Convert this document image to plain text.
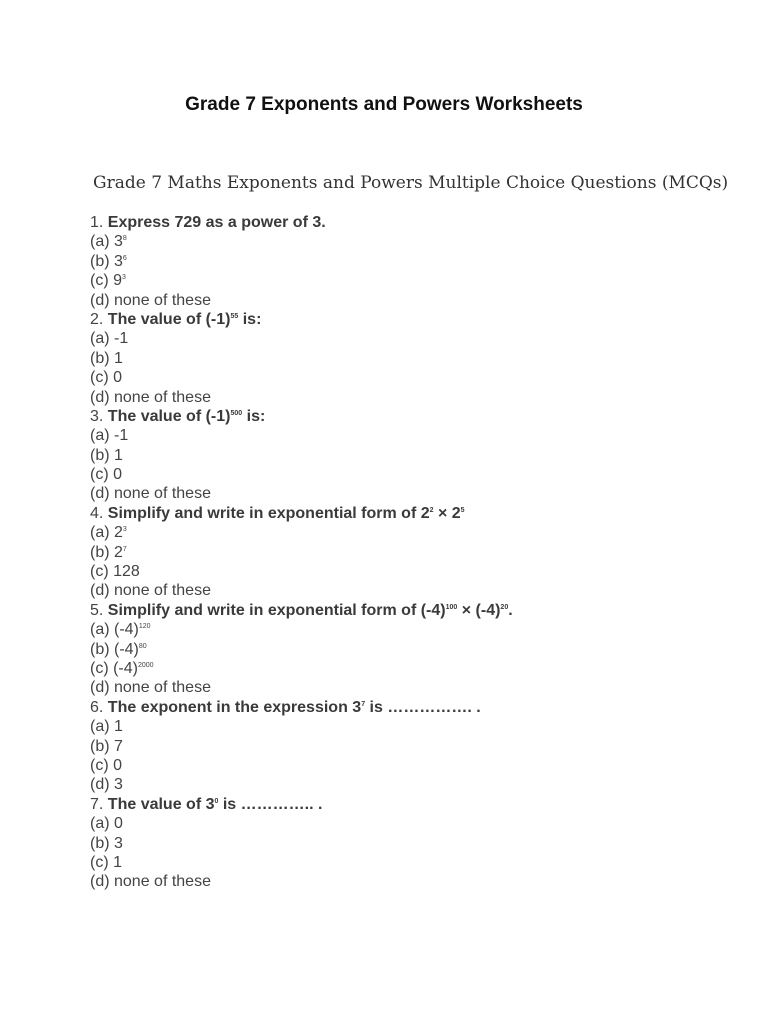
Grade 7 Exponents and Powers Worksheets
Grade 7 Maths Exponents and Powers Multiple Choice Questions (MCQs)
1. Express 729 as a power of 3.
(a) $3^8$
(b) $3^6$
(c) $9^3$
(d) none of these
2. The value of $(-1)^{55}$ is:
(a) -1
(b) 1
(c) 0
(d) none of these
3. The value of $(-1)^{500}$ is:
(a) -1
(b) 1
(c) 0
(d) none of these
4. Simplify and write in exponential form of $2^2 \times 2^5$
(a) $2^3$
(b) $2^7$
(c) 128
(d) none of these
5. Simplify and write in exponential form of $(-4)^{100} \times (-4)^{20}$.
(a) $(-4)^{120}$
(b) $(-4)^{80}$
(c) $(-4)^{2000}$
(d) none of these
6. The exponent in the expression $3^7$ is ……………. .
(a) 1
(b) 7
(c) 0
(d) 3
7. The value of $3^0$ is ………….. .
(a) 0
(b) 3
(c) 1
(d) none of these
